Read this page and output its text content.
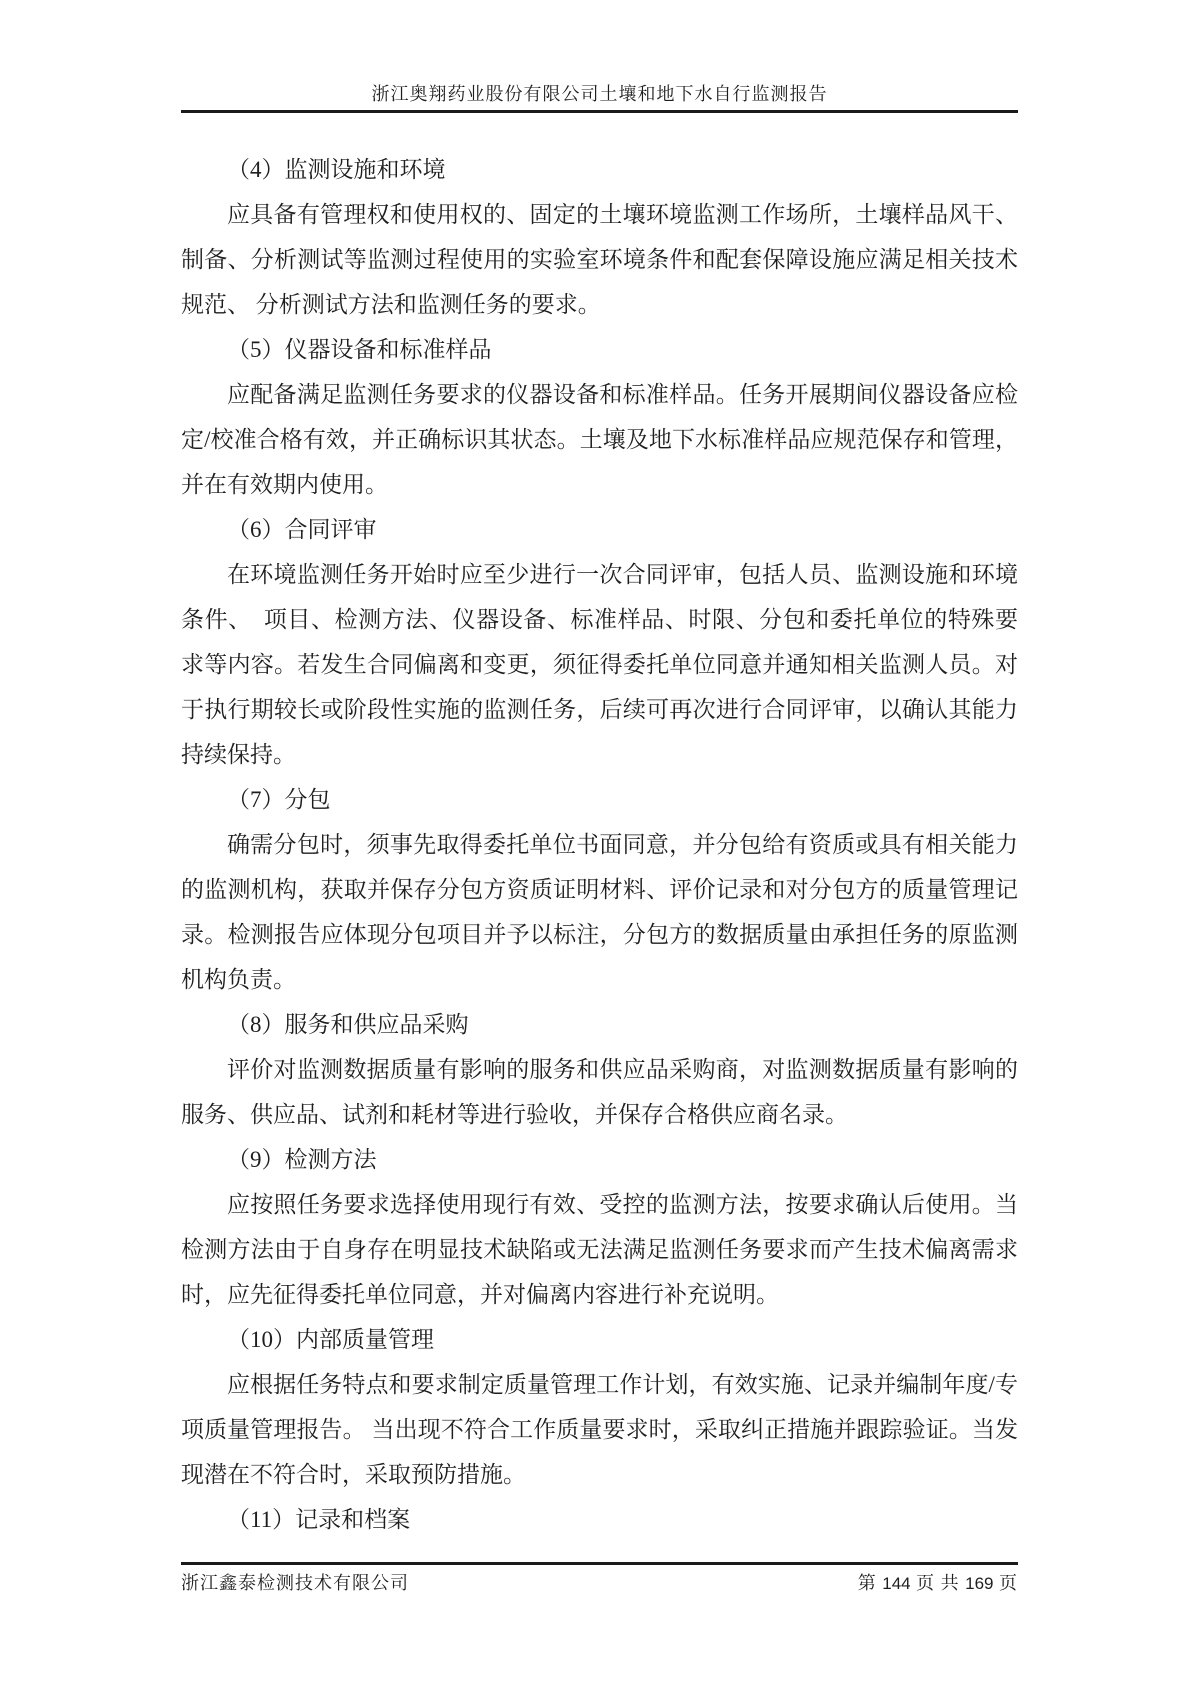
浙江奥翔药业股份有限公司土壤和地下水自行监测报告

（4）监测设施和环境

应具备有管理权和使用权的、固定的土壤环境监测工作场所，土壤样品风干、制备、分析测试等监测过程使用的实验室环境条件和配套保障设施应满足相关技术规范、 分析测试方法和监测任务的要求。

（5）仪器设备和标准样品

应配备满足监测任务要求的仪器设备和标准样品。任务开展期间仪器设备应检定/校准合格有效，并正确标识其状态。土壤及地下水标准样品应规范保存和管理，并在有效期内使用。

（6）合同评审

在环境监测任务开始时应至少进行一次合同评审，包括人员、监测设施和环境条件、　项目、检测方法、仪器设备、标准样品、时限、分包和委托单位的特殊要求等内容。若发生合同偏离和变更，须征得委托单位同意并通知相关监测人员。对于执行期较长或阶段性实施的监测任务，后续可再次进行合同评审，以确认其能力持续保持。

（7）分包

确需分包时，须事先取得委托单位书面同意，并分包给有资质或具有相关能力的监测机构，获取并保存分包方资质证明材料、评价记录和对分包方的质量管理记录。检测报告应体现分包项目并予以标注，分包方的数据质量由承担任务的原监测机构负责。

（8）服务和供应品采购

评价对监测数据质量有影响的服务和供应品采购商，对监测数据质量有影响的服务、供应品、试剂和耗材等进行验收，并保存合格供应商名录。

（9）检测方法

应按照任务要求选择使用现行有效、受控的监测方法，按要求确认后使用。当检测方法由于自身存在明显技术缺陷或无法满足监测任务要求而产生技术偏离需求时，应先征得委托单位同意，并对偏离内容进行补充说明。

（10）内部质量管理

应根据任务特点和要求制定质量管理工作计划，有效实施、记录并编制年度/专项质量管理报告。 当出现不符合工作质量要求时，采取纠正措施并跟踪验证。当发现潜在不符合时，采取预防措施。

（11）记录和档案

浙江鑫泰检测技术有限公司	第 144 页 共 169 页
